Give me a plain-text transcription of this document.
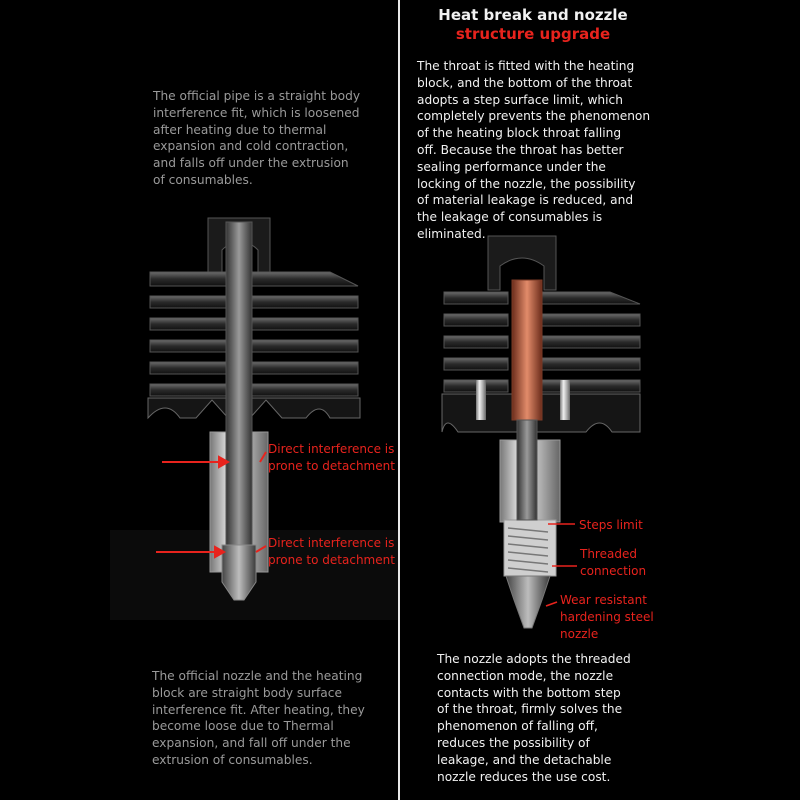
Heat break and nozzle
structure upgrade
The official pipe is a straight body
interference fit, which is loosened
after heating due to thermal
expansion and cold contraction,
and falls off under the extrusion
of consumables.
The throat is fitted with the heating
block, and the bottom of the throat
adopts a step surface limit, which
completely prevents the phenomenon
of the heating block throat falling
off. Because the throat has better
sealing performance under the
locking of the nozzle, the possibility
of material leakage is reduced, and
the leakage of consumables is
eliminated.
Direct interference is
prone to detachment
Direct interference is
prone to detachment
Steps limit
Threaded
connection
Wear resistant
hardening steel
nozzle
The official nozzle and the heating
block are straight body surface
interference fit. After heating, they
become loose due to Thermal
expansion, and fall off under the
extrusion of consumables.
The nozzle adopts the threaded
connection mode, the nozzle
contacts with the bottom step
of the throat, firmly solves the
phenomenon of falling off,
reduces the possibility of
leakage, and the detachable
nozzle reduces the use cost.
